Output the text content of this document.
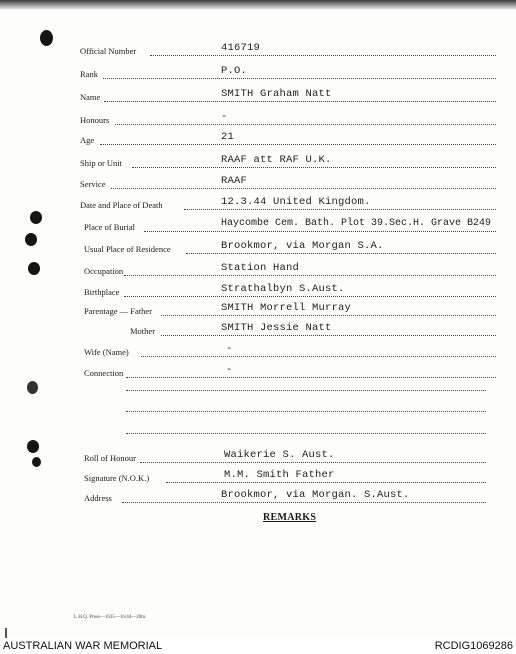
Official Number	416719
Rank	P.O.
Name	SMITH Graham Natt
Honours	-
Age	21
Ship or Unit	RAAF att RAF U.K.
Service	RAAF
Date and Place of Death	12.3.44 United Kingdom.
Place of Burial	Haycombe Cem. Bath. Plot 39.Sec.H. Grave B249
Usual Place of Residence	Brookmor, via Morgan S.A.
Occupation	Station Hand
Birthplace	Strathalbyn S.Aust.
Parentage — Father	SMITH Morrell Murray
Mother	SMITH Jessie Natt
Wife (Name)	-
Connection	-
Roll of Honour	Waikerie S. Aust.
Signature (N.O.K.)	M.M. Smith Father
Address	Brookmor, via Morgan. S.Aust.
REMARKS
L.H.Q. Press—1635—16/44—20m.
AUSTRALIAN WAR MEMORIAL	RCDIG1069286
